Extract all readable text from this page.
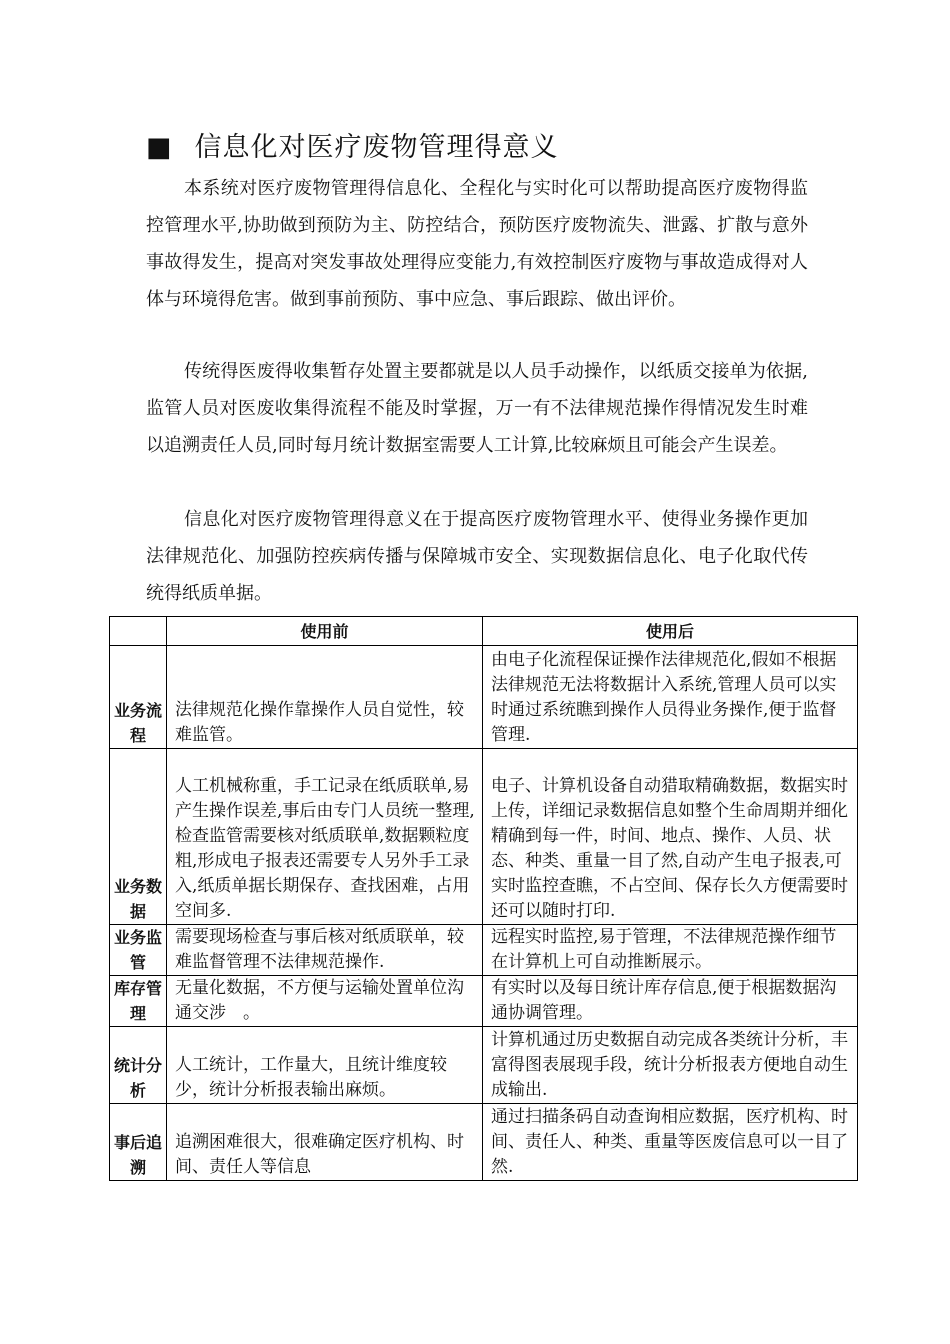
■ 信息化对医疗废物管理得意义

本系统对医疗废物管理得信息化、全程化与实时化可以帮助提高医疗废物得监控管理水平,协助做到预防为主、防控结合，预防医疗废物流失、泄露、扩散与意外事故得发生，提高对突发事故处理得应变能力,有效控制医疗废物与事故造成得对人体与环境得危害。做到事前预防、事中应急、事后跟踪、做出评价。

传统得医废得收集暂存处置主要都就是以人员手动操作，以纸质交接单为依据,监管人员对医废收集得流程不能及时掌握，万一有不法律规范操作得情况发生时难以追溯责任人员,同时每月统计数据室需要人工计算,比较麻烦且可能会产生误差。

信息化对医疗废物管理得意义在于提高医疗废物管理水平、使得业务操作更加法律规范化、加强防控疾病传播与保障城市安全、实现数据信息化、电子化取代传统得纸质单据。

	使用前	使用后
业务流程	法律规范化操作靠操作人员自觉性，较难监管。	由电子化流程保证操作法律规范化,假如不根据法律规范无法将数据计入系统,管理人员可以实时通过系统瞧到操作人员得业务操作,便于监督管理.
业务数据	人工机械称重，手工记录在纸质联单,易产生操作误差,事后由专门人员统一整理,检查监管需要核对纸质联单,数据颗粒度粗,形成电子报表还需要专人另外手工录入,纸质单据长期保存、查找困难，占用空间多.	电子、计算机设备自动猎取精确数据，数据实时上传，详细记录数据信息如整个生命周期并细化精确到每一件，时间、地点、操作、人员、状态、种类、重量一目了然,自动产生电子报表,可实时监控查瞧，不占空间、保存长久方便需要时还可以随时打印.
业务监管	需要现场检查与事后核对纸质联单，较难监督管理不法律规范操作.	远程实时监控,易于管理，不法律规范操作细节在计算机上可自动推断展示。
库存管理	无量化数据，不方便与运输处置单位沟通交涉　。	有实时以及每日统计库存信息,便于根据数据沟通协调管理。
统计分析	人工统计，工作量大，且统计维度较少，统计分析报表输出麻烦。	计算机通过历史数据自动完成各类统计分析，丰富得图表展现手段，统计分析报表方便地自动生成输出.
事后追溯	追溯困难很大，很难确定医疗机构、时间、责任人等信息	通过扫描条码自动查询相应数据，医疗机构、时间、责任人、种类、重量等医废信息可以一目了然.
